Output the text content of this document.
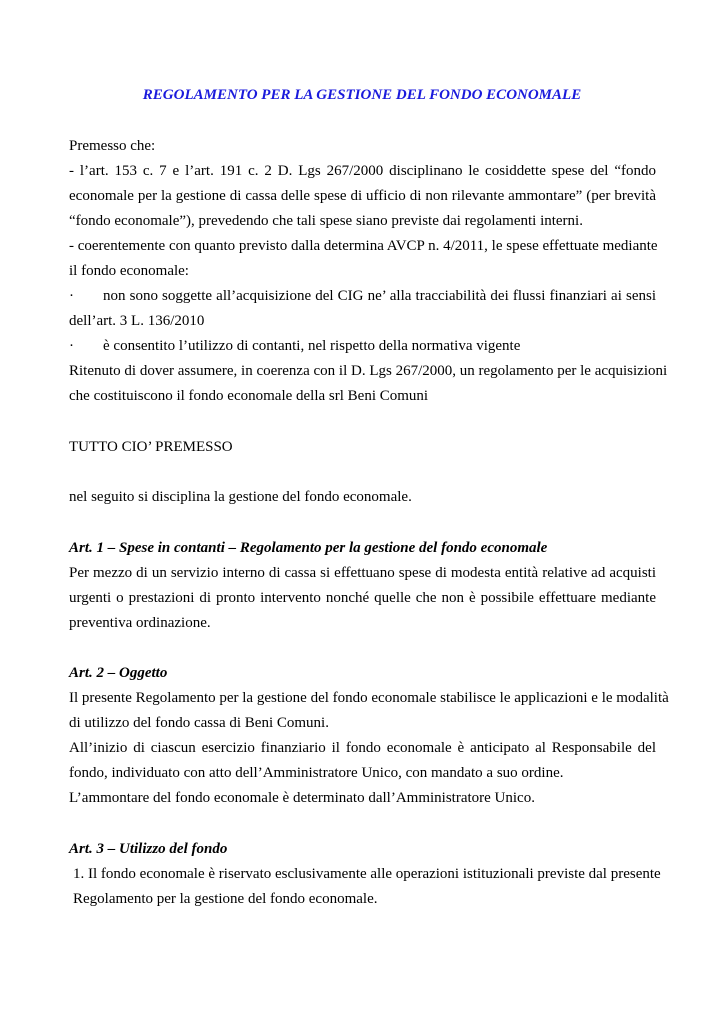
REGOLAMENTO PER LA GESTIONE DEL FONDO ECONOMALE
Premesso che:
- l’art. 153 c. 7 e l’art. 191 c. 2 D. Lgs 267/2000 disciplinano le cosiddette spese del “fondo
economale per la gestione di cassa delle spese di ufficio di non rilevante ammontare” (per brevità
“fondo economale”), prevedendo che tali spese siano previste dai regolamenti interni.
- coerentemente con quanto previsto dalla determina AVCP n. 4/2011, le spese effettuate mediante
il fondo economale:
· non sono soggette all’acquisizione del CIG ne’ alla tracciabilità dei flussi finanziari ai sensi
dell’art. 3 L. 136/2010
· è consentito l’utilizzo di contanti, nel rispetto della normativa vigente
Ritenuto di dover assumere, in coerenza con il D. Lgs 267/2000, un regolamento per le acquisizioni
che costituiscono il fondo economale della srl Beni Comuni
TUTTO CIO’ PREMESSO
nel seguito si disciplina la gestione del fondo economale.
Art. 1 – Spese in contanti – Regolamento per la gestione del fondo economale
Per mezzo di un servizio interno di cassa si effettuano spese di modesta entità relative ad acquisti
urgenti o prestazioni di pronto intervento nonché quelle che non è possibile effettuare mediante
preventiva ordinazione.
Art. 2 – Oggetto
Il presente Regolamento per la gestione del fondo economale stabilisce le applicazioni e le modalità
di utilizzo del fondo cassa di Beni Comuni.
All’inizio di ciascun esercizio finanziario il fondo economale è anticipato al Responsabile del
fondo, individuato con atto dell’Amministratore Unico, con mandato a suo ordine.
L’ammontare del fondo economale è determinato dall’Amministratore Unico.
Art. 3 – Utilizzo del fondo
1. Il fondo economale è riservato esclusivamente alle operazioni istituzionali previste dal presente
Regolamento per la gestione del fondo economale.
